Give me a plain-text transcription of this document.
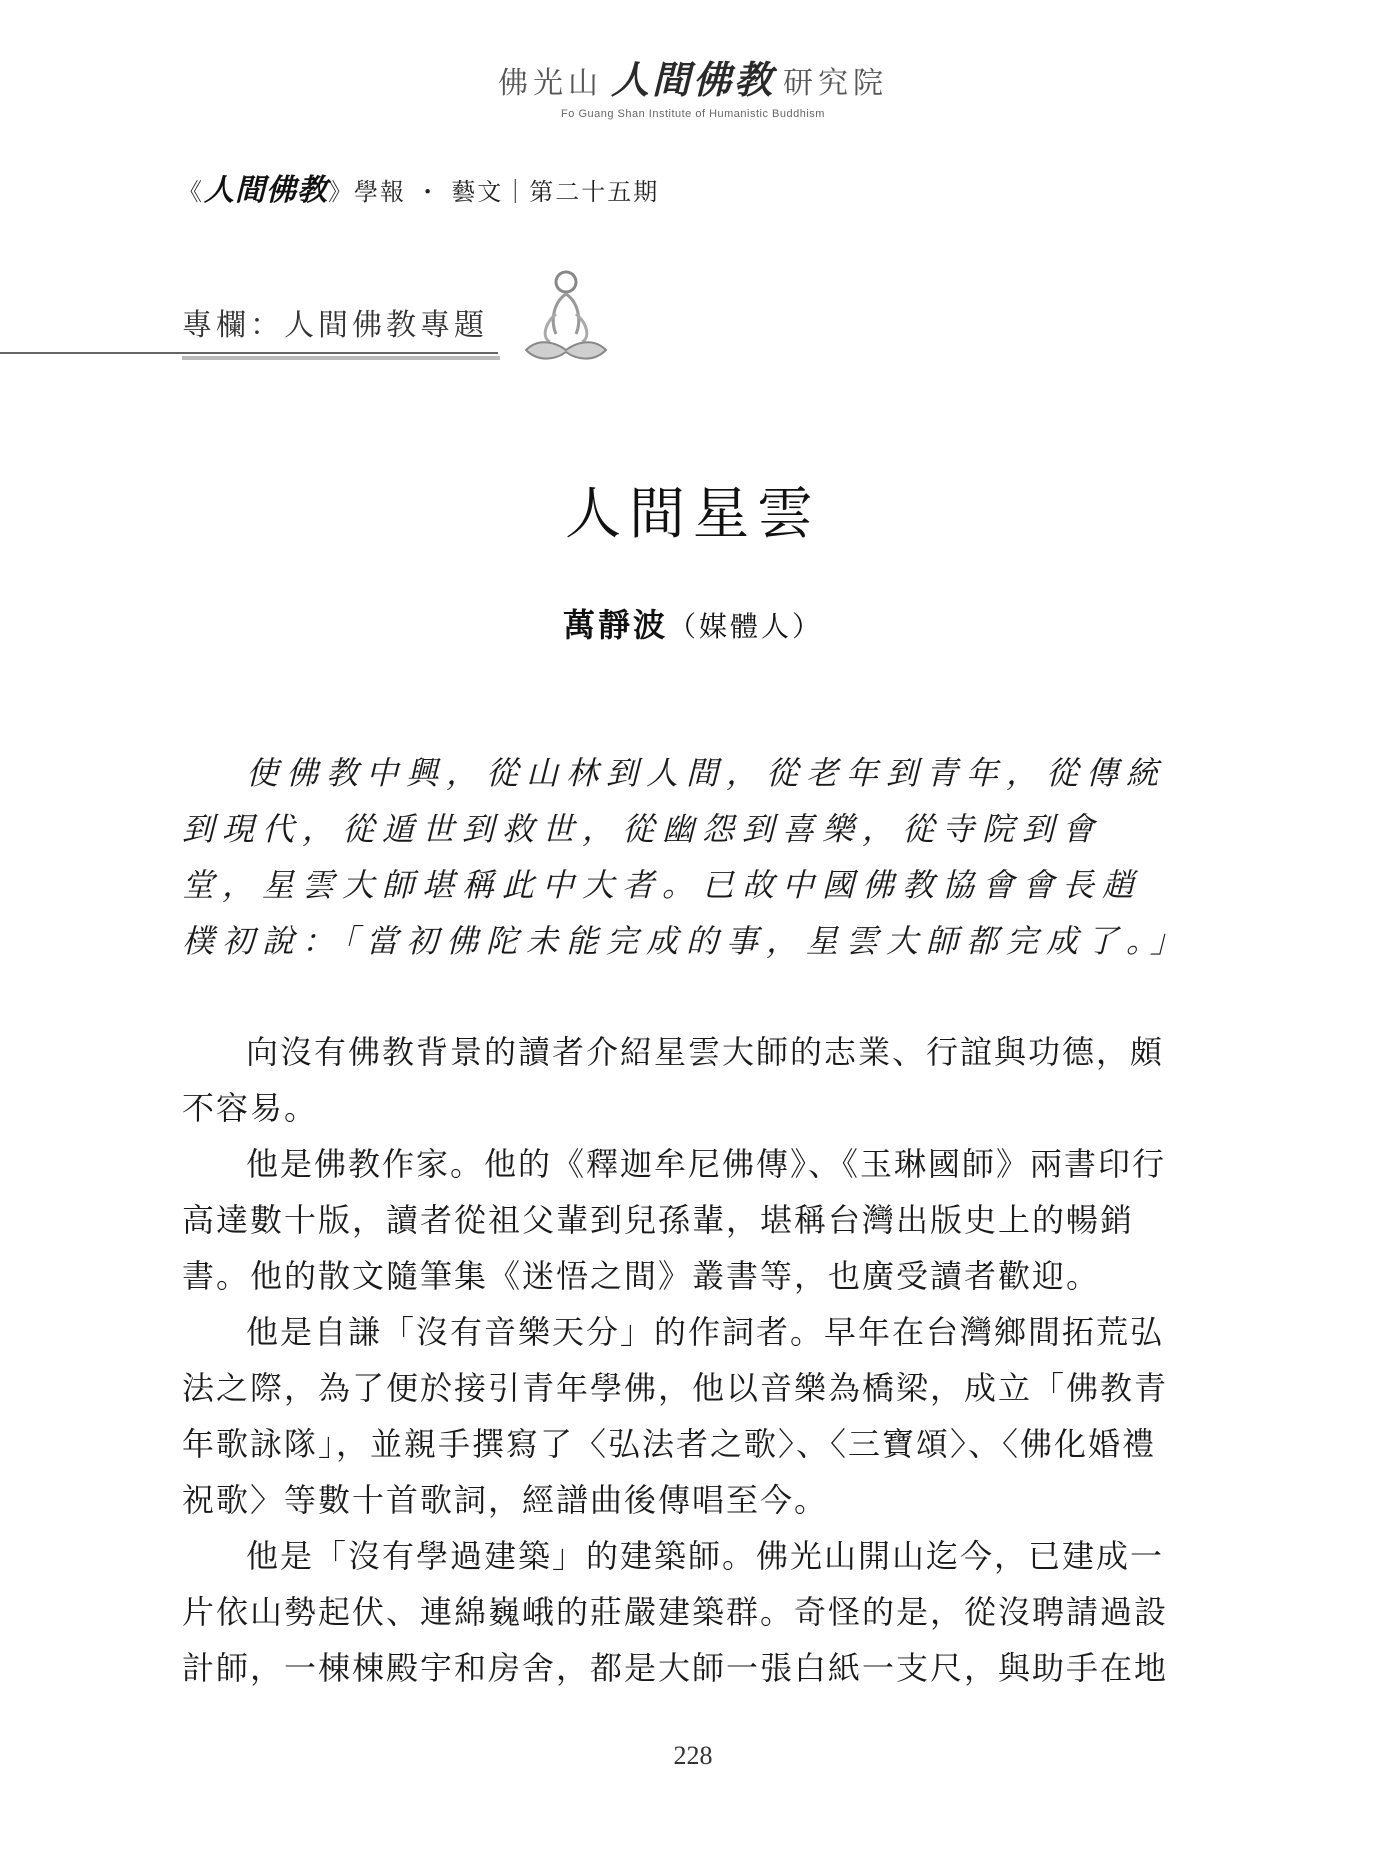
佛光山 人間佛教 研究院
Fo Guang Shan Institute of Humanistic Buddhism
《人間佛教》學報 ・ 藝文｜第二十五期
專欄：人間佛教專題
人間星雲
萬靜波（媒體人）

使佛教中興，從山林到人間，從老年到青年，從傳統到現代，從遁世到救世，從幽怨到喜樂，從寺院到會堂，星雲大師堪稱此中大者。已故中國佛教協會會長趙樸初說：「當初佛陀未能完成的事，星雲大師都完成了。」

向沒有佛教背景的讀者介紹星雲大師的志業、行誼與功德，頗不容易。

他是佛教作家。他的《釋迦牟尼佛傳》、《玉琳國師》兩書印行高達數十版，讀者從祖父輩到兒孫輩，堪稱台灣出版史上的暢銷書。他的散文隨筆集《迷悟之間》叢書等，也廣受讀者歡迎。

他是自謙「沒有音樂天分」的作詞者。早年在台灣鄉間拓荒弘法之際，為了便於接引青年學佛，他以音樂為橋梁，成立「佛教青年歌詠隊」，並親手撰寫了〈弘法者之歌〉、〈三寶頌〉、〈佛化婚禮祝歌〉等數十首歌詞，經譜曲後傳唱至今。

他是「沒有學過建築」的建築師。佛光山開山迄今，已建成一片依山勢起伏、連綿巍峨的莊嚴建築群。奇怪的是，從沒聘請過設計師，一棟棟殿宇和房舍，都是大師一張白紙一支尺，與助手在地

228
